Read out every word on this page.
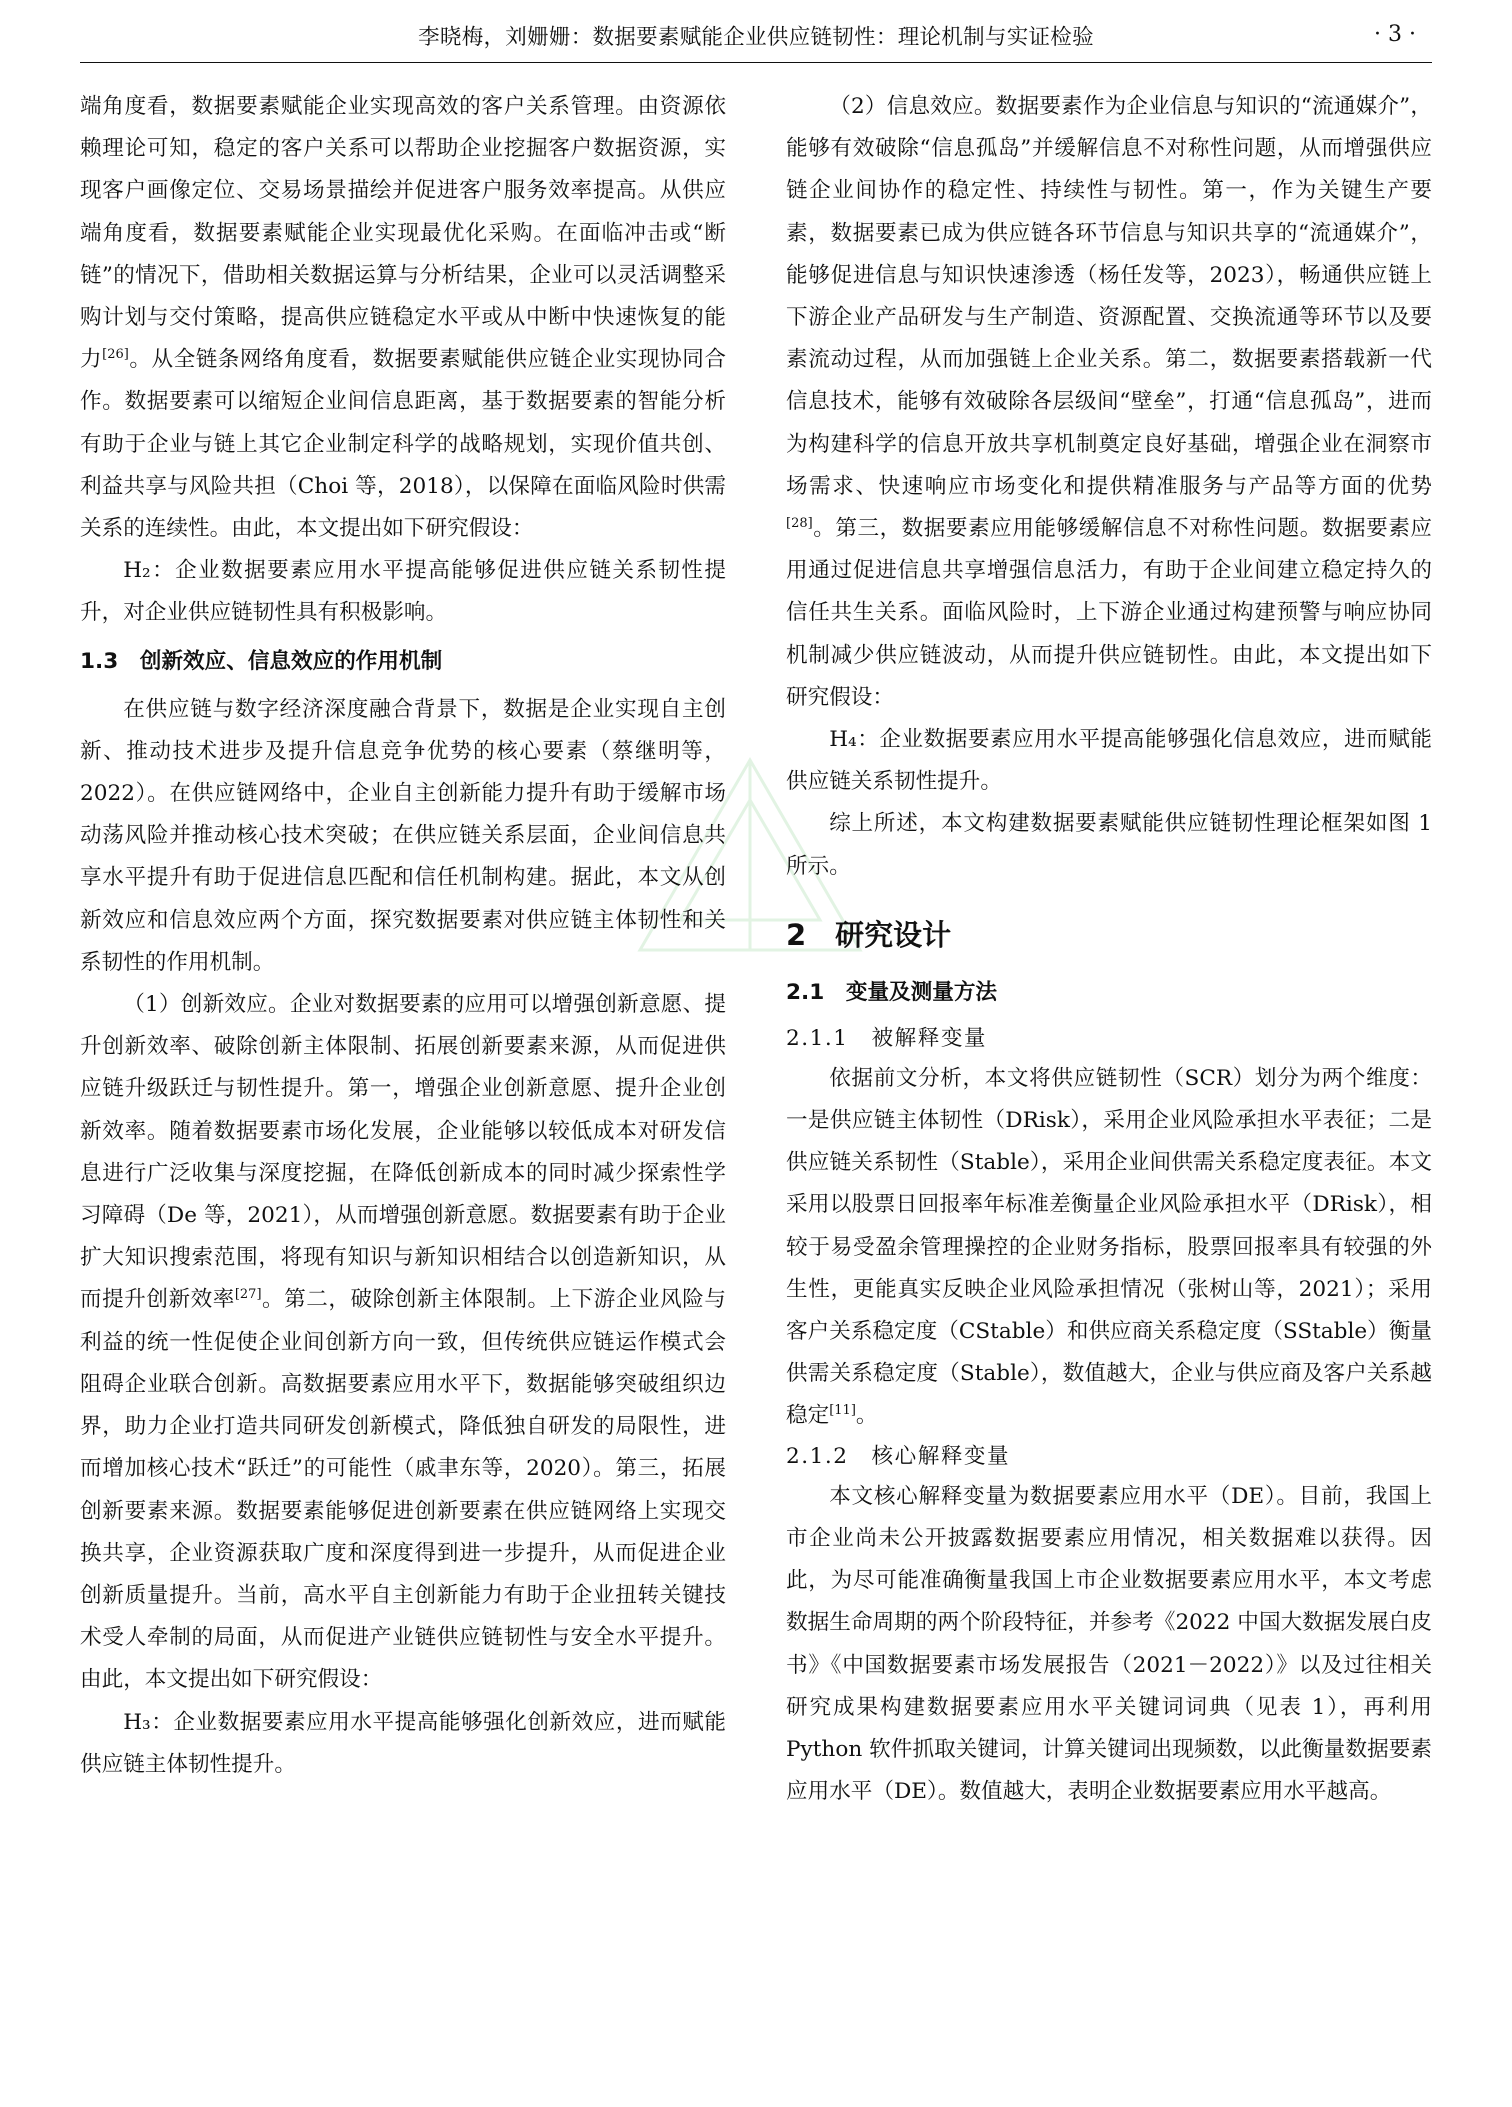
李晓梅，刘姗姗：数据要素赋能企业供应链韧性：理论机制与实证检验	· 3 ·

端角度看，数据要素赋能企业实现高效的客户关系管理。由资源依赖理论可知，稳定的客户关系可以帮助企业挖掘客户数据资源，实现客户画像定位、交易场景描绘并促进客户服务效率提高。从供应端角度看，数据要素赋能企业实现最优化采购。在面临冲击或“断链”的情况下，借助相关数据运算与分析结果，企业可以灵活调整采购计划与交付策略，提高供应链稳定水平或从中断中快速恢复的能力[26]。从全链条网络角度看，数据要素赋能供应链企业实现协同合作。数据要素可以缩短企业间信息距离，基于数据要素的智能分析有助于企业与链上其它企业制定科学的战略规划，实现价值共创、利益共享与风险共担（Choi 等，2018），以保障在面临风险时供需关系的连续性。由此，本文提出如下研究假设：

H₂：企业数据要素应用水平提高能够促进供应链关系韧性提升，对企业供应链韧性具有积极影响。

1.3　创新效应、信息效应的作用机制

在供应链与数字经济深度融合背景下，数据是企业实现自主创新、推动技术进步及提升信息竞争优势的核心要素（蔡继明等，2022）。在供应链网络中，企业自主创新能力提升有助于缓解市场动荡风险并推动核心技术突破；在供应链关系层面，企业间信息共享水平提升有助于促进信息匹配和信任机制构建。据此，本文从创新效应和信息效应两个方面，探究数据要素对供应链主体韧性和关系韧性的作用机制。

（1）创新效应。企业对数据要素的应用可以增强创新意愿、提升创新效率、破除创新主体限制、拓展创新要素来源，从而促进供应链升级跃迁与韧性提升。第一，增强企业创新意愿、提升企业创新效率。随着数据要素市场化发展，企业能够以较低成本对研发信息进行广泛收集与深度挖掘，在降低创新成本的同时减少探索性学习障碍（De 等，2021），从而增强创新意愿。数据要素有助于企业扩大知识搜索范围，将现有知识与新知识相结合以创造新知识，从而提升创新效率[27]。第二，破除创新主体限制。上下游企业风险与利益的统一性促使企业间创新方向一致，但传统供应链运作模式会阻碍企业联合创新。高数据要素应用水平下，数据能够突破组织边界，助力企业打造共同研发创新模式，降低独自研发的局限性，进而增加核心技术“跃迁”的可能性（戚聿东等，2020）。第三，拓展创新要素来源。数据要素能够促进创新要素在供应链网络上实现交换共享，企业资源获取广度和深度得到进一步提升，从而促进企业创新质量提升。当前，高水平自主创新能力有助于企业扭转关键技术受人牵制的局面，从而促进产业链供应链韧性与安全水平提升。由此，本文提出如下研究假设：

H₃：企业数据要素应用水平提高能够强化创新效应，进而赋能供应链主体韧性提升。

（2）信息效应。数据要素作为企业信息与知识的“流通媒介”，能够有效破除“信息孤岛”并缓解信息不对称性问题，从而增强供应链企业间协作的稳定性、持续性与韧性。第一，作为关键生产要素，数据要素已成为供应链各环节信息与知识共享的“流通媒介”，能够促进信息与知识快速渗透（杨任发等，2023），畅通供应链上下游企业产品研发与生产制造、资源配置、交换流通等环节以及要素流动过程，从而加强链上企业关系。第二，数据要素搭载新一代信息技术，能够有效破除各层级间“壁垒”，打通“信息孤岛”，进而为构建科学的信息开放共享机制奠定良好基础，增强企业在洞察市场需求、快速响应市场变化和提供精准服务与产品等方面的优势[28]。第三，数据要素应用能够缓解信息不对称性问题。数据要素应用通过促进信息共享增强信息活力，有助于企业间建立稳定持久的信任共生关系。面临风险时，上下游企业通过构建预警与响应协同机制减少供应链波动，从而提升供应链韧性。由此，本文提出如下研究假设：

H₄：企业数据要素应用水平提高能够强化信息效应，进而赋能供应链关系韧性提升。

综上所述，本文构建数据要素赋能供应链韧性理论框架如图 1 所示。

2　研究设计
2.1　变量及测量方法
2.1.1　被解释变量

依据前文分析，本文将供应链韧性（SCR）划分为两个维度：一是供应链主体韧性（DRisk），采用企业风险承担水平表征；二是供应链关系韧性（Stable），采用企业间供需关系稳定度表征。本文采用以股票日回报率年标准差衡量企业风险承担水平（DRisk），相较于易受盈余管理操控的企业财务指标，股票回报率具有较强的外生性，更能真实反映企业风险承担情况（张树山等，2021）；采用客户关系稳定度（CStable）和供应商关系稳定度（SStable）衡量供需关系稳定度（Stable），数值越大，企业与供应商及客户关系越稳定[11]。

2.1.2　核心解释变量

本文核心解释变量为数据要素应用水平（DE）。目前，我国上市企业尚未公开披露数据要素应用情况，相关数据难以获得。因此，为尽可能准确衡量我国上市企业数据要素应用水平，本文考虑数据生命周期的两个阶段特征，并参考《2022 中国大数据发展白皮书》《中国数据要素市场发展报告（2021－2022）》以及过往相关研究成果构建数据要素应用水平关键词词典（见表 1），再利用 Python 软件抓取关键词，计算关键词出现频数，以此衡量数据要素应用水平（DE）。数值越大，表明企业数据要素应用水平越高。
